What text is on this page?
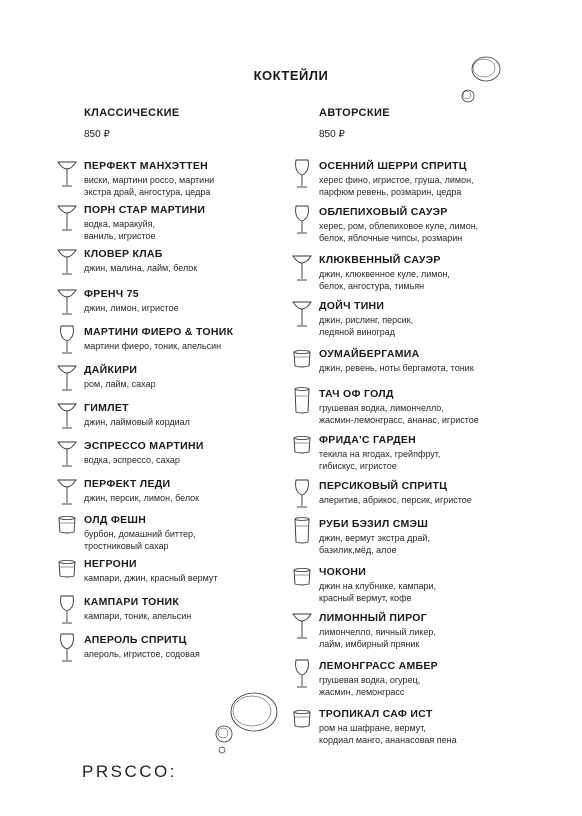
КОКТЕЙЛИ
КЛАССИЧЕСКИЕ
850 ₽
ПЕРФЕКТ МАНХЭТТЕН
виски, мартини россо, мартини
экстра драй, ангостура, цедра
ПОРН СТАР МАРТИНИ
водка, маракуйя,
ваниль, игристое
КЛОВЕР КЛАБ
джин, малина, лайм, белок
ФРЕНЧ 75
джин, лимон, игристое
МАРТИНИ ФИЕРО & ТОНИК
мартини фиеро, тоник, апельсин
ДАЙКИРИ
ром, лайм, сахар
ГИМЛЕТ
джин, лаймовый кордиал
ЭСПРЕССО МАРТИНИ
водка, эспрессо, сахар
ПЕРФЕКТ ЛЕДИ
джин, персик, лимон, белок
ОЛД ФЕШН
бурбон, домашний биттер,
тростниковый сахар
НЕГРОНИ
кампари, джин, красный вермут
КАМПАРИ ТОНИК
кампари, тоник, апельсин
АПЕРОЛЬ СПРИТЦ
апероль, игристое, содовая
АВТОРСКИЕ
850 ₽
ОСЕННИЙ ШЕРРИ СПРИТЦ
херес фино, игристое, груша, лимон,
парфюм ревень, розмарин, цедра
ОБЛЕПИХОВЫЙ САУЭР
херес, ром, облепиховое куле, лимон,
белок, яблочные чипсы, розмарин
КЛЮКВЕННЫЙ САУЭР
джин, клюквенное куле, лимон,
белок, ангостура, тимьян
ДОЙЧ ТИНИ
джин, рислинг, персик,
ледяной виноград
ОУМАЙБЕРГАМИА
джин, ревень, ноты бергамота, тоник
ТАЧ ОФ ГОЛД
грушевая водка, лимончелло,
жасмин-лемонграсс, ананас, игристое
ФРИДА'С ГАРДЕН
текила на ягодах, грейпфрут,
гибискус, игристое
ПЕРСИКОВЫЙ СПРИТЦ
аперитив, абрикос, персик, игристое
РУБИ БЭЗИЛ СМЭШ
джин, вермут экстра драй,
базилик,мёд, алое
ЧОКОНИ
джин на клубнике, кампари,
красный вермут, кофе
ЛИМОННЫЙ ПИРОГ
лимончелло, яичный ликер,
лайм, имбирный пряник
ЛЕМОНГРАСС АМБЕР
грушевая водка, огурец,
жасмин, лемонграсс
ТРОПИКАЛ САФ ИСТ
ром на шафране, вермут,
кордиал манго, ананасовая пена
PRSCCO:
